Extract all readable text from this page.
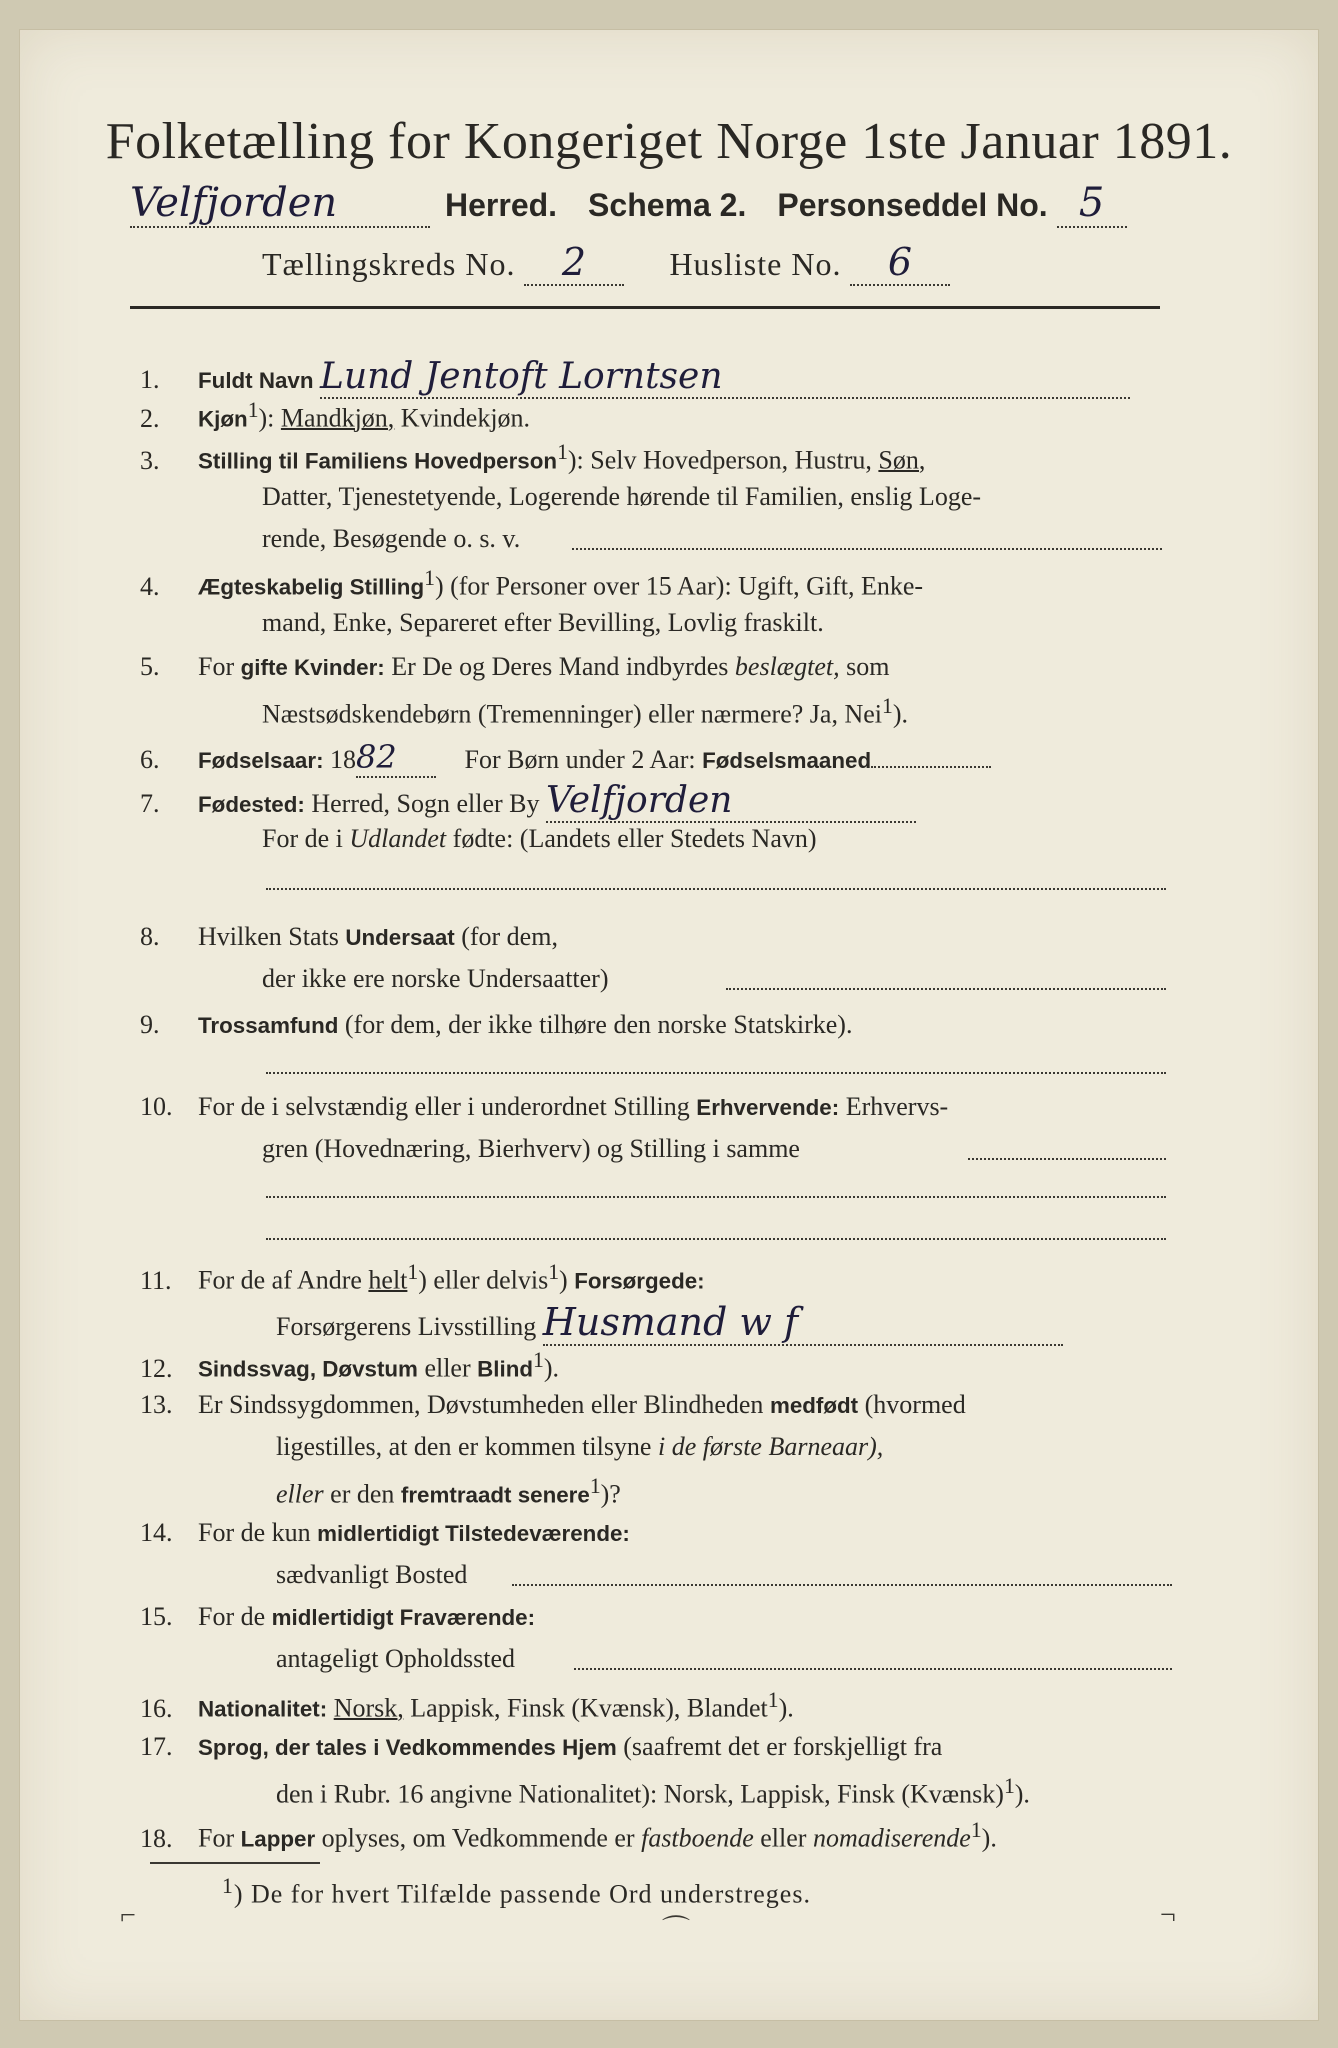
Folketælling for Kongeriget Norge 1ste Januar 1891.
Velfjorden	Herred. Schema 2. Personseddel No. 5
Tællingskreds No. 2	Husliste No. 6
1. Fuldt Navn Lund Jentoft Lorntsen
2. Kjøn$^1$): Mandkjøn, Kvindekjøn.
3. Stilling til Familiens Hovedperson$^1$): Selv Hovedperson, Hustru, Søn,
Datter, Tjenestetyende, Logerende hørende til Familien, enslig Loge-
rende, Besøgende o. s. v.
4. Ægteskabelig Stilling$^1$) (for Personer over 15 Aar): Ugift, Gift, Enke-
mand, Enke, Separeret efter Bevilling, Lovlig fraskilt.
5. For gifte Kvinder: Er De og Deres Mand indbyrdes beslægtet, som
Næstsødskendebørn (Tremenninger) eller nærmere? Ja, Nei$^1$).
6. Fødselsaar: 1882	For Børn under 2 Aar: Fødselsmaaned
7. Fødested: Herred, Sogn eller By Velfjorden
For de i Udlandet fødte: (Landets eller Stedets Navn)
8. Hvilken Stats Undersaat (for dem,
der ikke ere norske Undersaatter)
9. Trossamfund (for dem, der ikke tilhøre den norske Statskirke).
10. For de i selvstændig eller i underordnet Stilling Erhvervende: Erhvervs-
gren (Hovednæring, Bierhverv) og Stilling i samme
11. For de af Andre helt$^1$) eller delvis$^1$) Forsørgede:
Forsørgerens Livsstilling Husmand w f
12. Sindssvag, Døvstum eller Blind$^1$).
13. Er Sindssygdommen, Døvstumheden eller Blindheden medfødt (hvormed
ligestilles, at den er kommen tilsyne i de første Barneaar),
eller er den fremtraadt senere$^1$)?
14. For de kun midlertidigt Tilstedeværende:
sædvanligt Bosted
15. For de midlertidigt Fraværende:
antageligt Opholdssted
16. Nationalitet: Norsk, Lappisk, Finsk (Kvænsk), Blandet$^1$).
17. Sprog, der tales i Vedkommendes Hjem (saafremt det er forskjelligt fra
den i Rubr. 16 angivne Nationalitet): Norsk, Lappisk, Finsk (Kvænsk)$^1$).
18. For Lapper oplyses, om Vedkommende er fastboende eller nomadiserende$^1$).
$^1$) De for hvert Tilfælde passende Ord understreges.
⌐	⌒	¬
